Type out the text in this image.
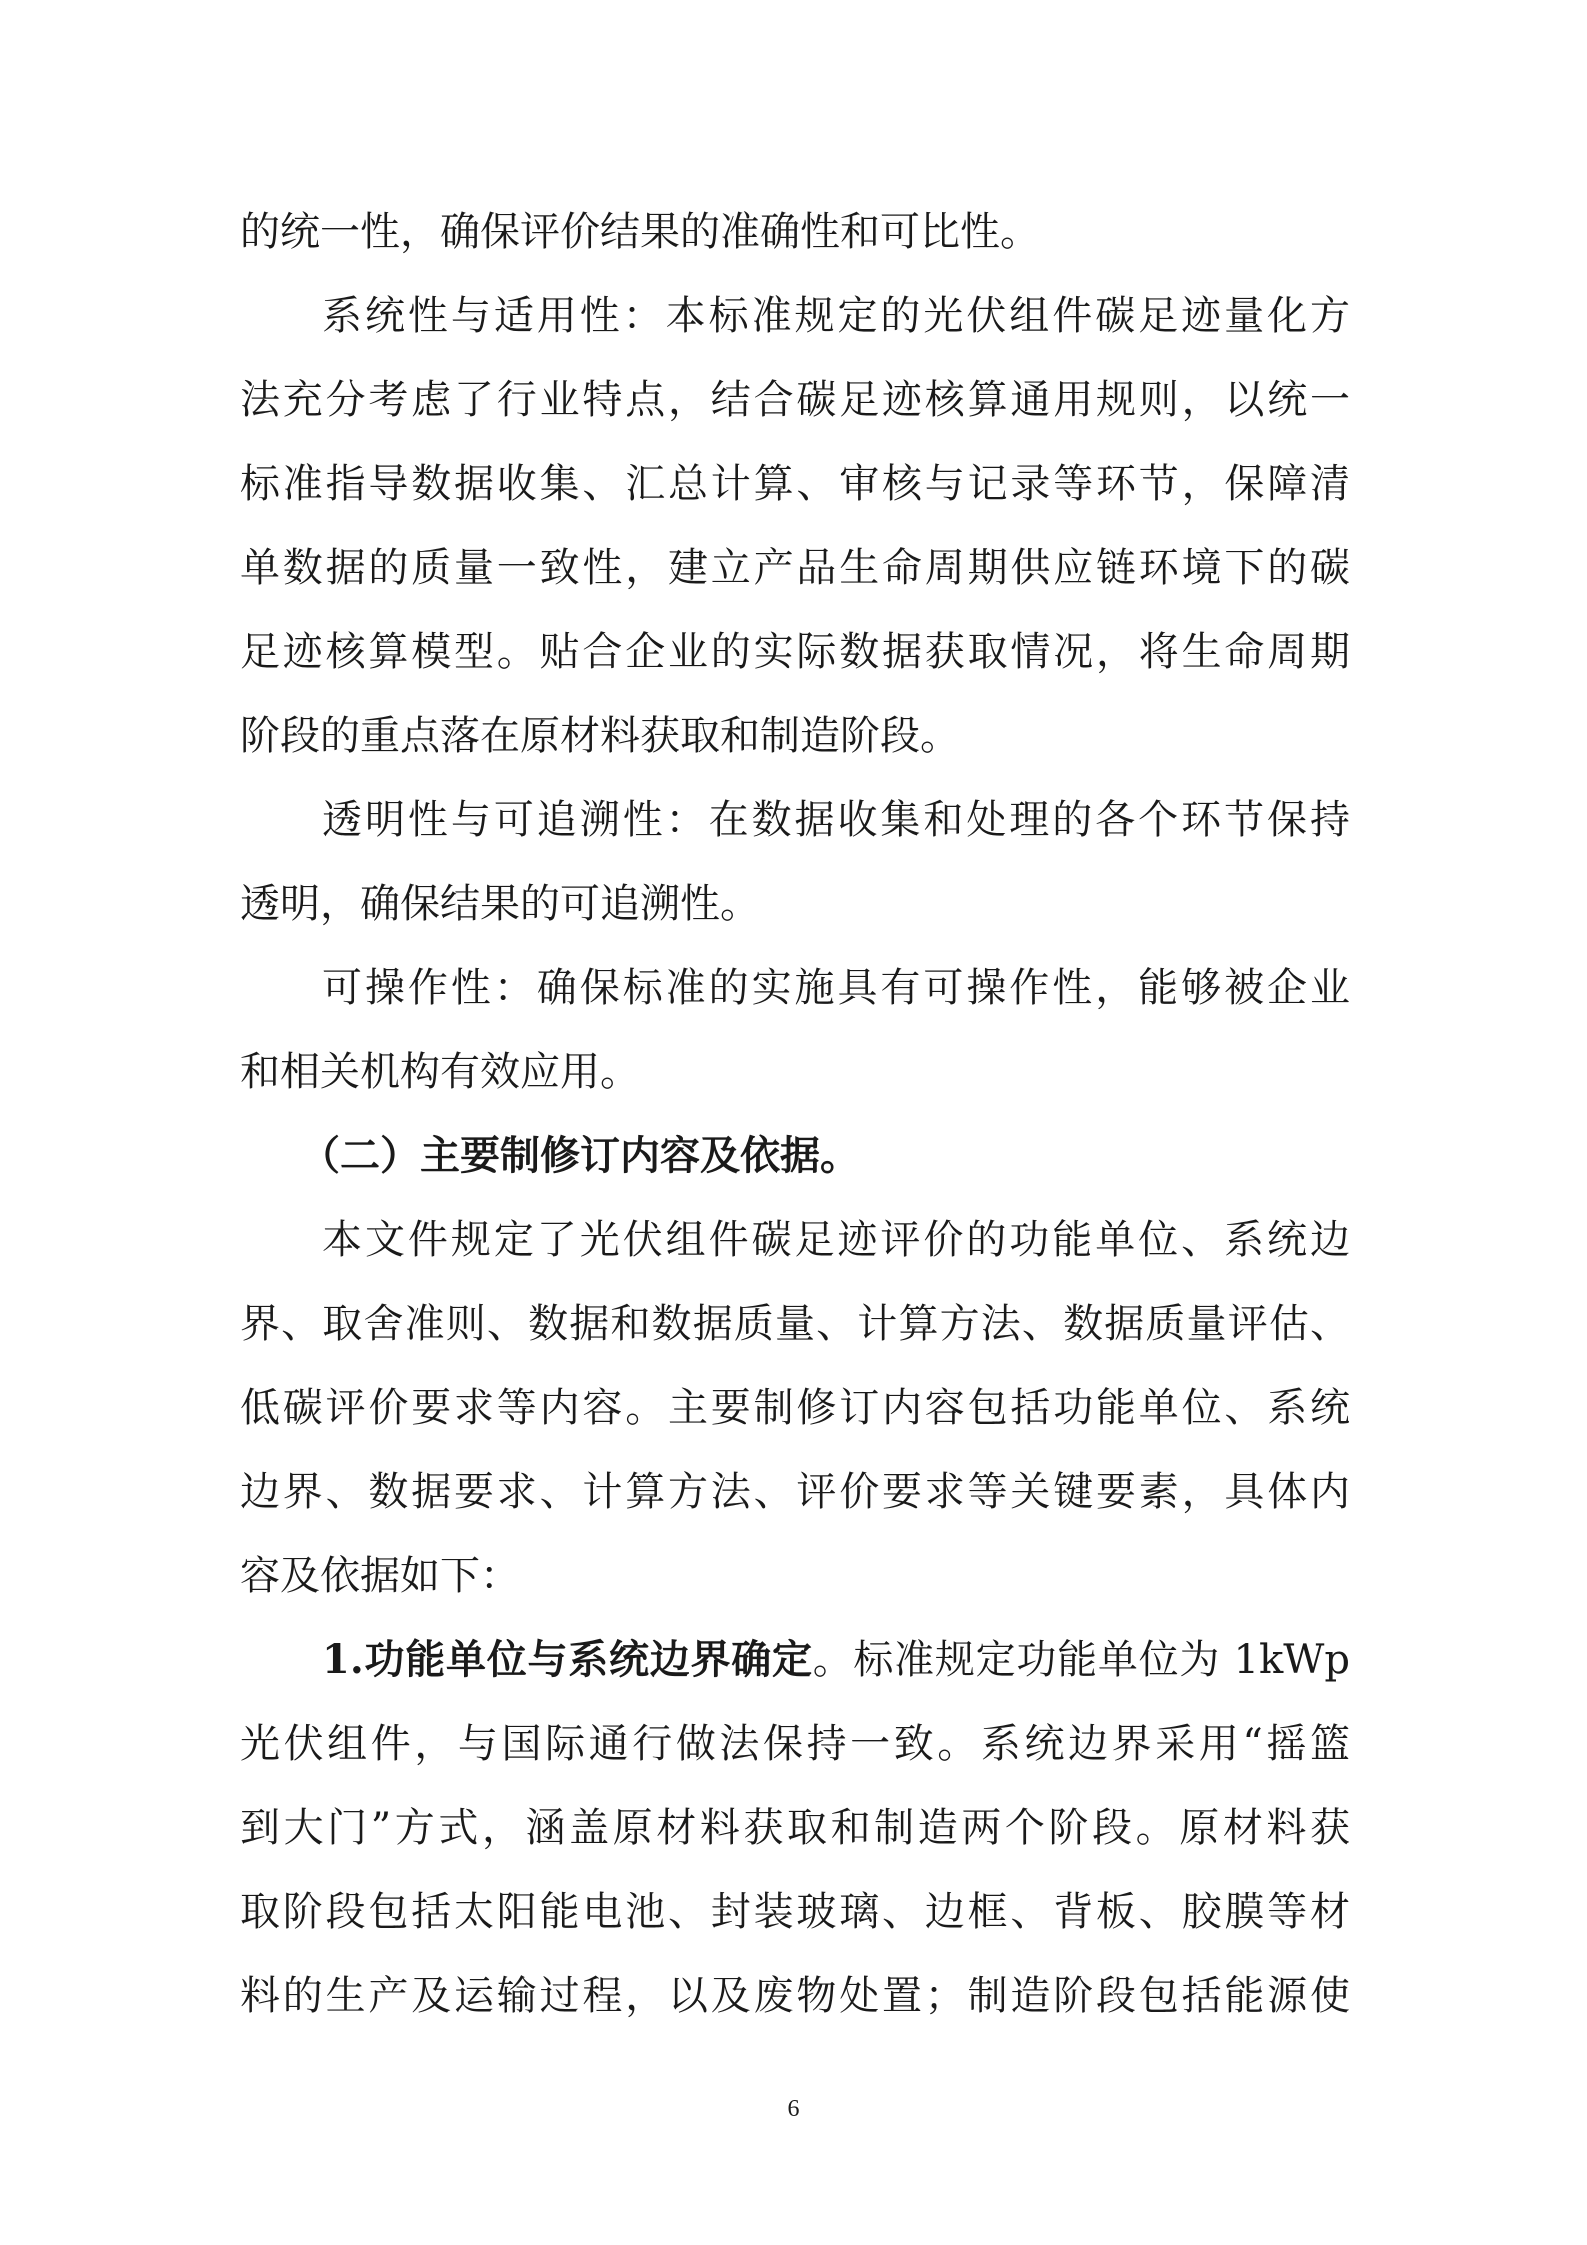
的统一性，确保评价结果的准确性和可比性。
系统性与适用性：本标准规定的光伏组件碳足迹量化方
法充分考虑了行业特点，结合碳足迹核算通用规则，以统一
标准指导数据收集、汇总计算、审核与记录等环节，保障清
单数据的质量一致性，建立产品生命周期供应链环境下的碳
足迹核算模型。贴合企业的实际数据获取情况，将生命周期
阶段的重点落在原材料获取和制造阶段。
透明性与可追溯性：在数据收集和处理的各个环节保持
透明，确保结果的可追溯性。
可操作性：确保标准的实施具有可操作性，能够被企业
和相关机构有效应用。
（二）主要制修订内容及依据。
本文件规定了光伏组件碳足迹评价的功能单位、系统边
界、取舍准则、数据和数据质量、计算方法、数据质量评估、
低碳评价要求等内容。主要制修订内容包括功能单位、系统
边界、数据要求、计算方法、评价要求等关键要素，具体内
容及依据如下：
1.功能单位与系统边界确定。标准规定功能单位为 1kWp
光伏组件，与国际通行做法保持一致。系统边界采用“摇篮
到大门”方式，涵盖原材料获取和制造两个阶段。原材料获
取阶段包括太阳能电池、封装玻璃、边框、背板、胶膜等材
料的生产及运输过程，以及废物处置；制造阶段包括能源使
6
